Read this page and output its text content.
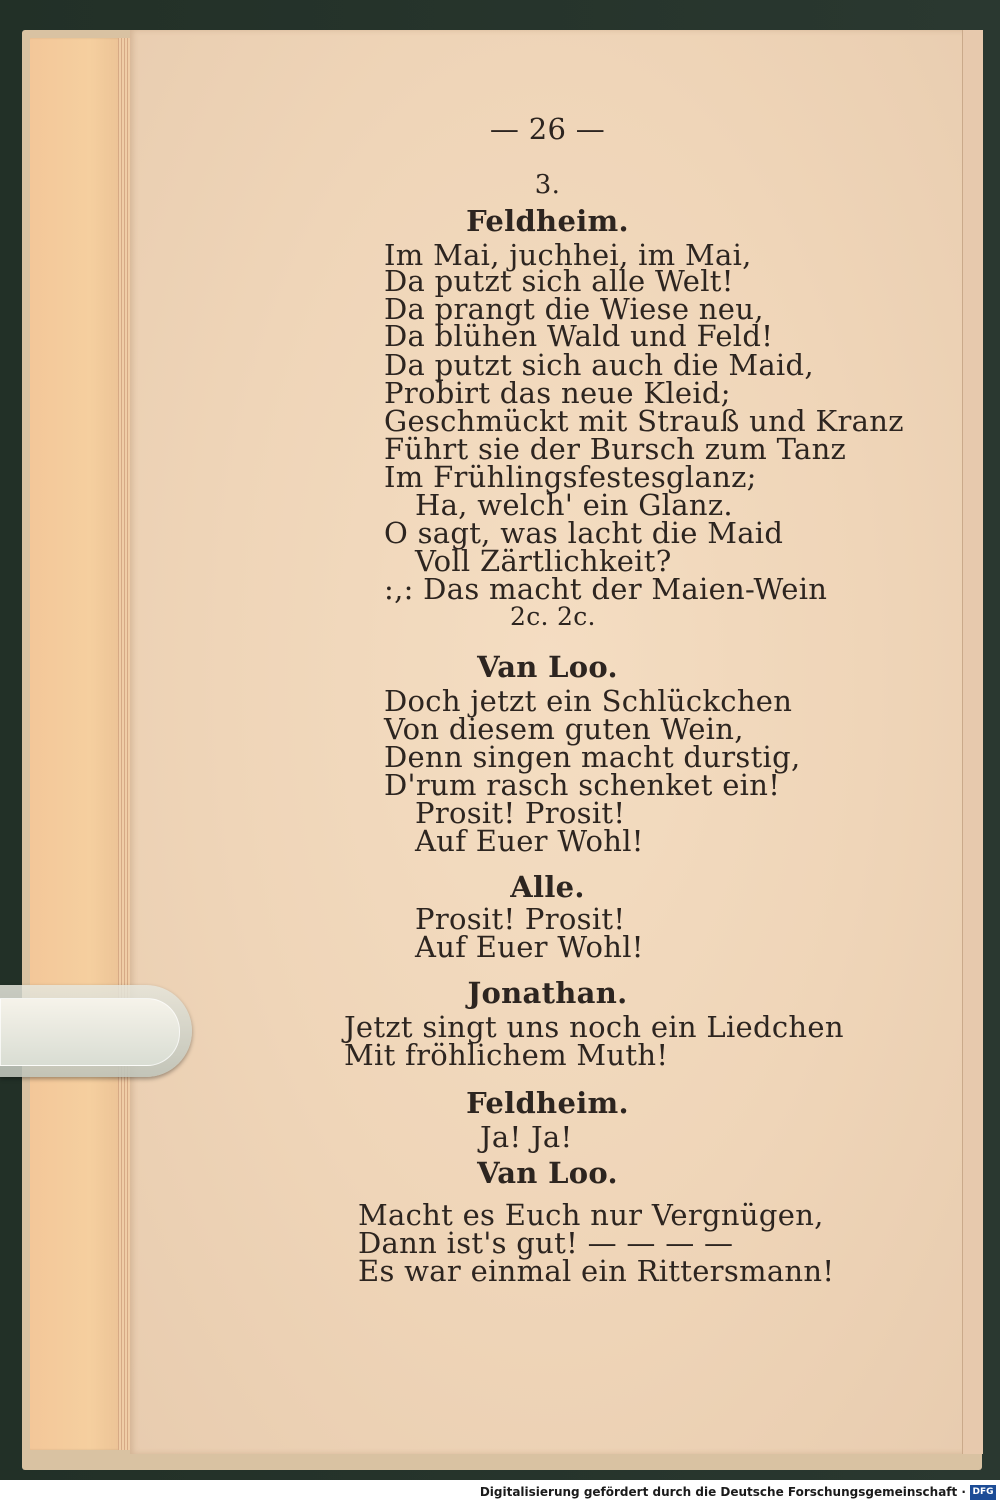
— 26 —
3.
Feldheim.
Im Mai, juchhei, im Mai,
Da putzt sich alle Welt!
Da prangt die Wiese neu,
Da blühen Wald und Feld!
Da putzt sich auch die Maid,
Probirt das neue Kleid;
Geschmückt mit Strauß und Kranz
Führt sie der Bursch zum Tanz
Im Frühlingsfestesglanz;
Ha, welch' ein Glanz.
O sagt, was lacht die Maid
Voll Zärtlichkeit?
:,: Das macht der Maien-Wein
2c. 2c.
Van Loo.
Doch jetzt ein Schlückchen
Von diesem guten Wein,
Denn singen macht durstig,
D'rum rasch schenket ein!
Prosit! Prosit!
Auf Euer Wohl!
Alle.
Prosit! Prosit!
Auf Euer Wohl!
Jonathan.
Jetzt singt uns noch ein Liedchen
Mit fröhlichem Muth!
Feldheim.
Ja! Ja!
Van Loo.
Macht es Euch nur Vergnügen,
Dann ist's gut! — — — —
Es war einmal ein Rittersmann!
Digitalisierung gefördert durch die Deutsche Forschungsgemeinschaft · DFG
